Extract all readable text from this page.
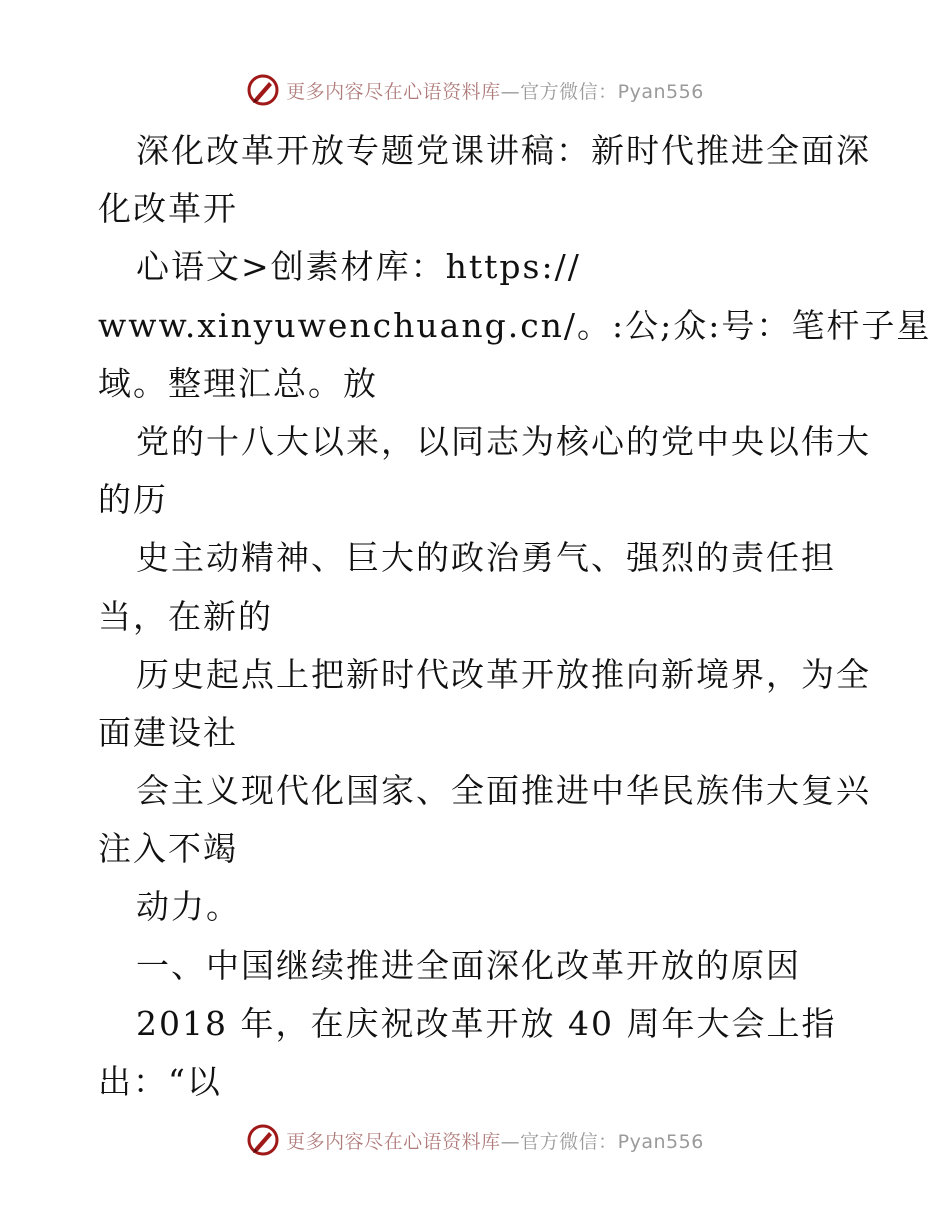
更多内容尽在心语资料库—官方微信：Pyan556
深化改革开放专题党课讲稿：新时代推进全面深
化改革开
心语文>创素材库：https://
www.xinyuwenchuang.cn/。:公;众:号：笔杆子星
域。整理汇总。放
党的十八大以来，以同志为核心的党中央以伟大
的历
史主动精神、巨大的政治勇气、强烈的责任担
当，在新的
历史起点上把新时代改革开放推向新境界，为全
面建设社
会主义现代化国家、全面推进中华民族伟大复兴
注入不竭
动力。
一、中国继续推进全面深化改革开放的原因
2018 年，在庆祝改革开放 40 周年大会上指
出：“以
更多内容尽在心语资料库—官方微信：Pyan556
